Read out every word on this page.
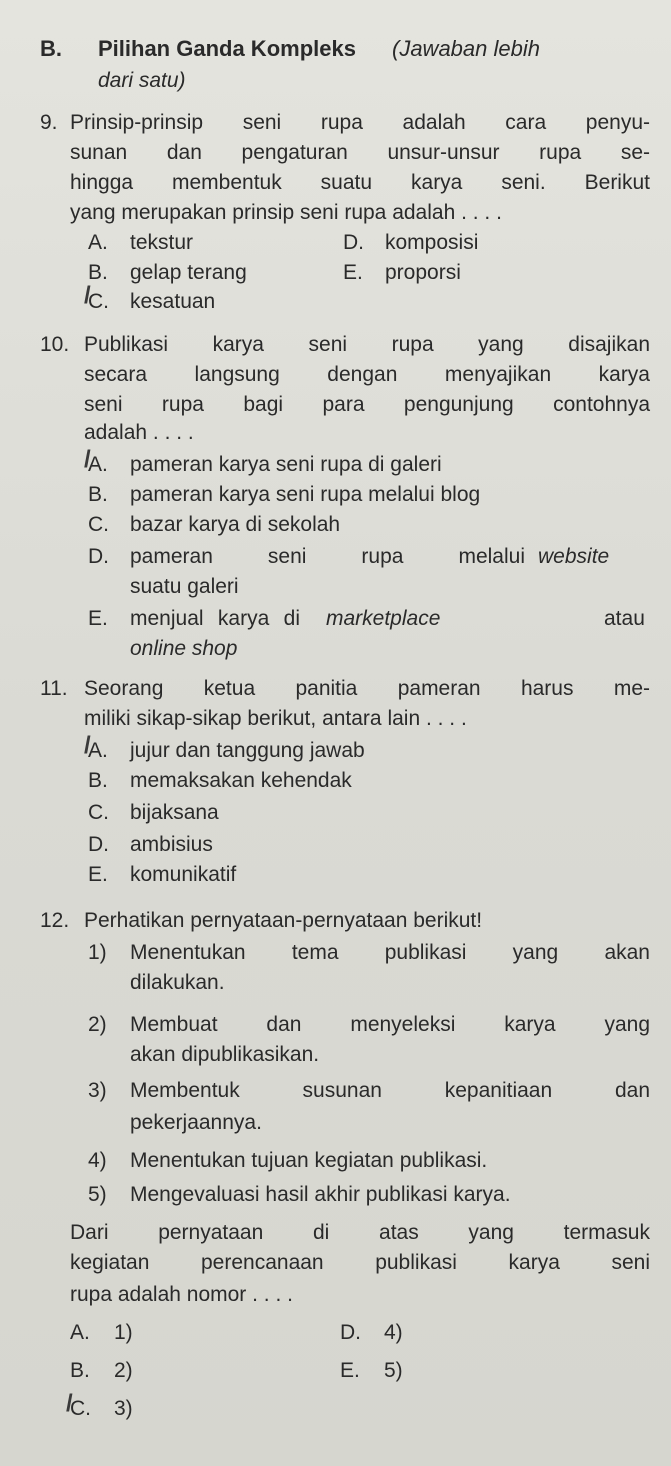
B. Pilihan Ganda Kompleks (Jawaban lebih
dari satu)
9. Prinsip-prinsip seni rupa adalah cara penyu-
sunan dan pengaturan unsur-unsur rupa se-
hingga membentuk suatu karya seni. Berikut
yang merupakan prinsip seni rupa adalah . . . .
A. tekstur
B. gelap terang
C.
/ kesatuan
D. komposisi
E. proporsi
10. Publikasi karya seni rupa yang disajikan
secara langsung dengan menyajikan karya
seni rupa bagi para pengunjung contohnya
adalah . . . .
A.
/ pameran karya seni rupa di galeri
B. pameran karya seni rupa melalui blog
C. bazar karya di sekolah
D. pameran seni rupa melalui website
suatu galeri
E. menjual karya di marketplace	atau
online shop
11. Seorang ketua panitia pameran harus me-
miliki sikap-sikap berikut, antara lain . . . .
A.
/ jujur dan tanggung jawab
B. memaksakan kehendak
C. bijaksana
D. ambisius
E. komunikatif
12. Perhatikan pernyataan-pernyataan berikut!
1) Menentukan tema publikasi yang akan
dilakukan.
2) Membuat dan menyeleksi karya yang
akan dipublikasikan.
3) Membentuk susunan kepanitiaan dan
pekerjaannya.
4) Menentukan tujuan kegiatan publikasi.
5) Mengevaluasi hasil akhir publikasi karya.
Dari pernyataan di atas yang termasuk
kegiatan perencanaan publikasi karya seni
rupa adalah nomor . . . .
A. 1)
B. 2)
C.
/ 3)
D. 4)
E. 5)
